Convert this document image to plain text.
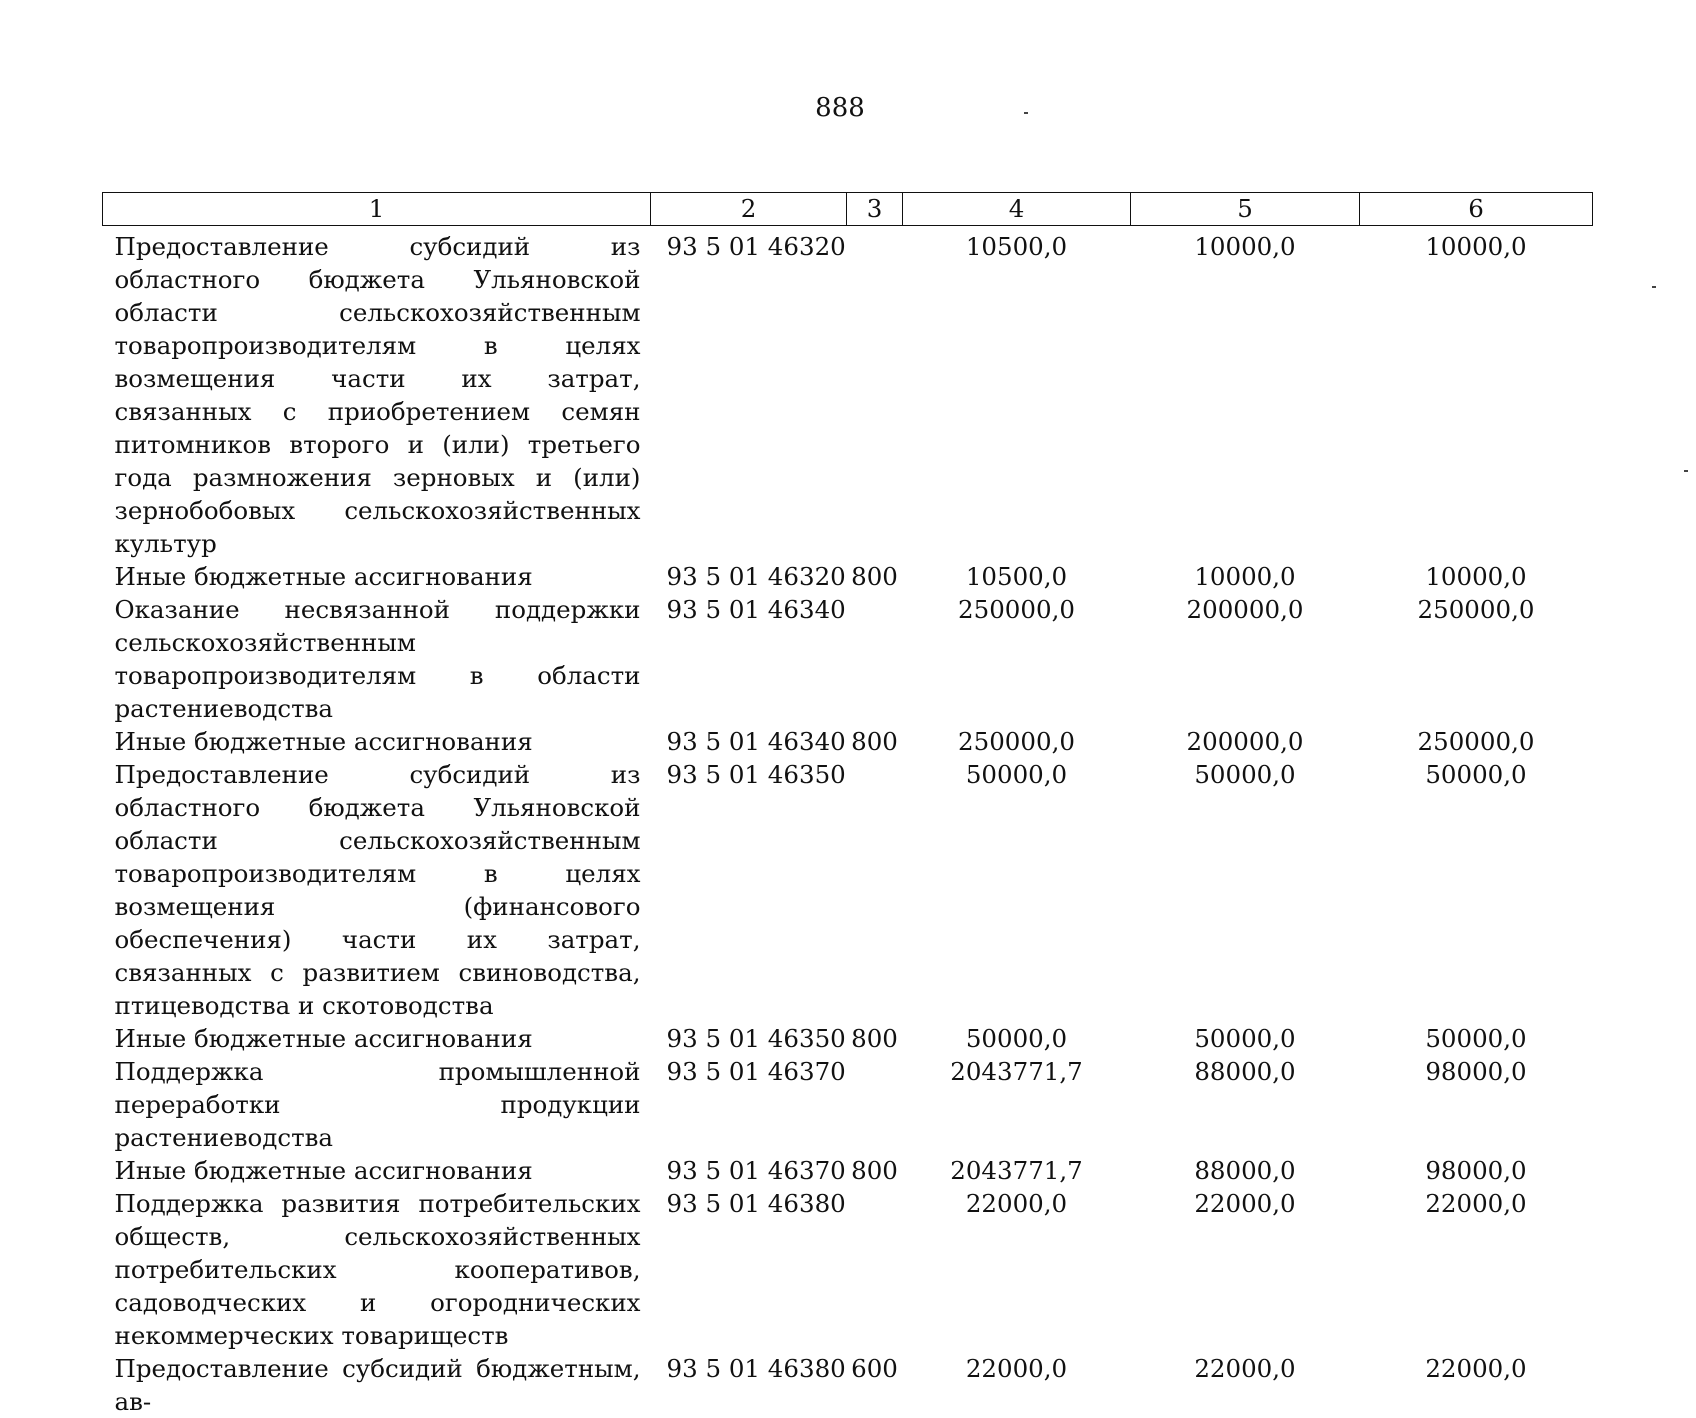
888
1	2	3	4	5	6
Предоставление субсидий из областного бюджета Ульяновской области сельскохозяйственным товаропроизводителям в целях возмещения части их затрат, связанных с приобретением семян питомников второго и (или) третьего года размножения зерновых и (или) зернобобовых сельскохозяйственных культур	93 5 01 46320		10500,0	10000,0	10000,0
Иные бюджетные ассигнования	93 5 01 46320	800	10500,0	10000,0	10000,0
Оказание несвязанной поддержки сельскохозяйственным товаропроизводителям в области растениеводства	93 5 01 46340		250000,0	200000,0	250000,0
Иные бюджетные ассигнования	93 5 01 46340	800	250000,0	200000,0	250000,0
Предоставление субсидий из областного бюджета Ульяновской области сельскохозяйственным товаропроизводителям в целях возмещения (финансового обеспечения) части их затрат, связанных с развитием свиноводства, птицеводства и скотоводства	93 5 01 46350		50000,0	50000,0	50000,0
Иные бюджетные ассигнования	93 5 01 46350	800	50000,0	50000,0	50000,0
Поддержка промышленной переработки продукции растениеводства	93 5 01 46370		2043771,7	88000,0	98000,0
Иные бюджетные ассигнования	93 5 01 46370	800	2043771,7	88000,0	98000,0
Поддержка развития потребительских обществ, сельскохозяйственных потребительских кооперативов, садоводческих и огороднических некоммерческих товариществ	93 5 01 46380		22000,0	22000,0	22000,0
Предоставление субсидий бюджетным, ав-	93 5 01 46380	600	22000,0	22000,0	22000,0
